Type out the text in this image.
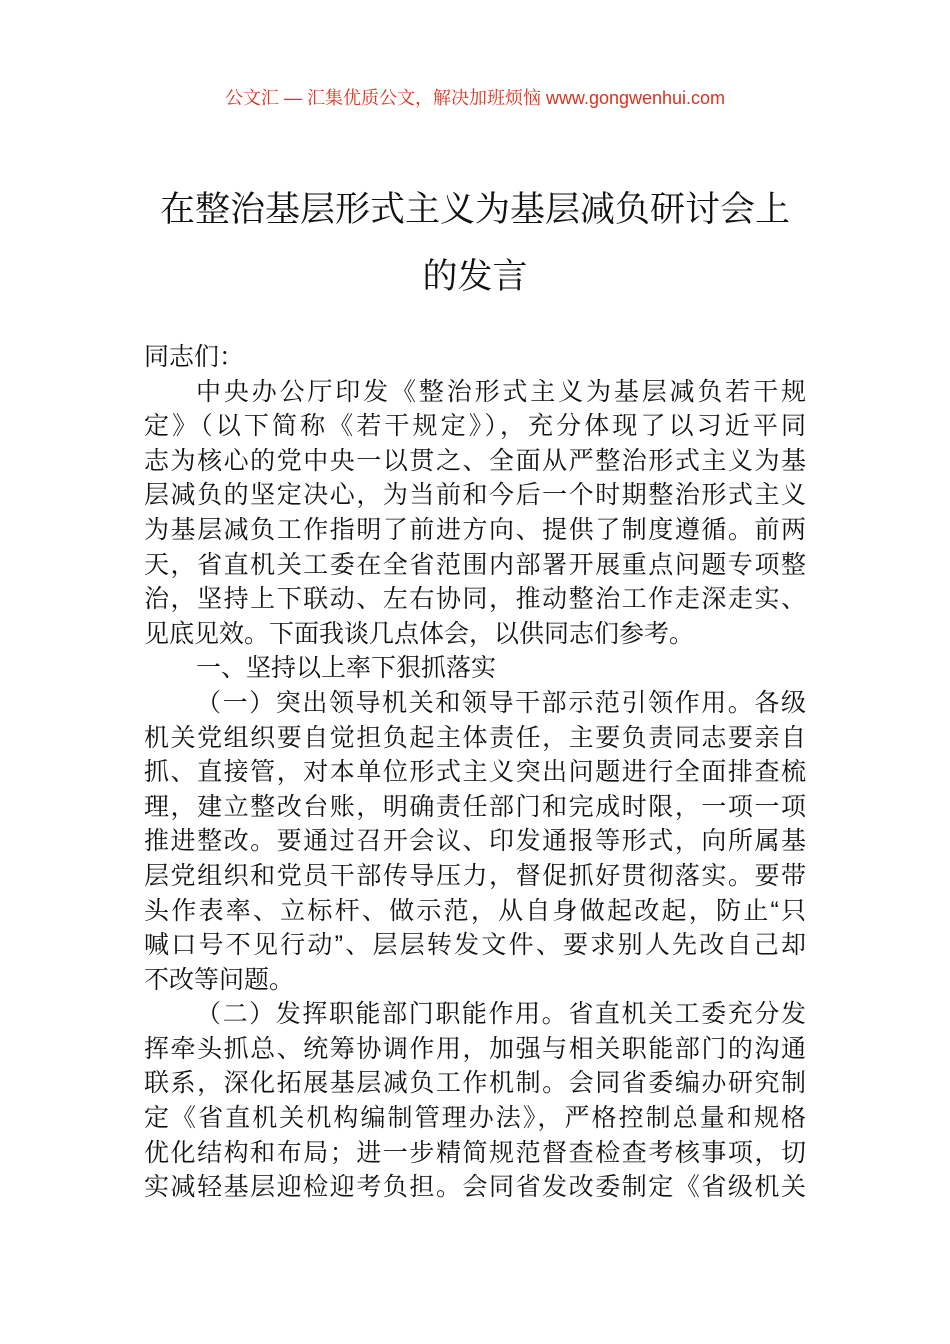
公文汇 — 汇集优质公文，解决加班烦恼 www.gongwenhui.com
在整治基层形式主义为基层减负研讨会上
的发言
同志们：
中央办公厅印发《整治形式主义为基层减负若干规
定》（以下简称《若干规定》），充分体现了以习近平同
志为核心的党中央一以贯之、全面从严整治形式主义为基
层减负的坚定决心，为当前和今后一个时期整治形式主义
为基层减负工作指明了前进方向、提供了制度遵循。前两
天，省直机关工委在全省范围内部署开展重点问题专项整
治，坚持上下联动、左右协同，推动整治工作走深走实、
见底见效。下面我谈几点体会，以供同志们参考。
一、坚持以上率下狠抓落实
（一）突出领导机关和领导干部示范引领作用。各级
机关党组织要自觉担负起主体责任，主要负责同志要亲自
抓、直接管，对本单位形式主义突出问题进行全面排查梳
理，建立整改台账，明确责任部门和完成时限，一项一项
推进整改。要通过召开会议、印发通报等形式，向所属基
层党组织和党员干部传导压力，督促抓好贯彻落实。要带
头作表率、立标杆、做示范，从自身做起改起，防止“只
喊口号不见行动”、层层转发文件、要求别人先改自己却
不改等问题。
（二）发挥职能部门职能作用。省直机关工委充分发
挥牵头抓总、统筹协调作用，加强与相关职能部门的沟通
联系，深化拓展基层减负工作机制。会同省委编办研究制
定《省直机关机构编制管理办法》，严格控制总量和规格
优化结构和布局；进一步精简规范督查检查考核事项，切
实减轻基层迎检迎考负担。会同省发改委制定《省级机关
